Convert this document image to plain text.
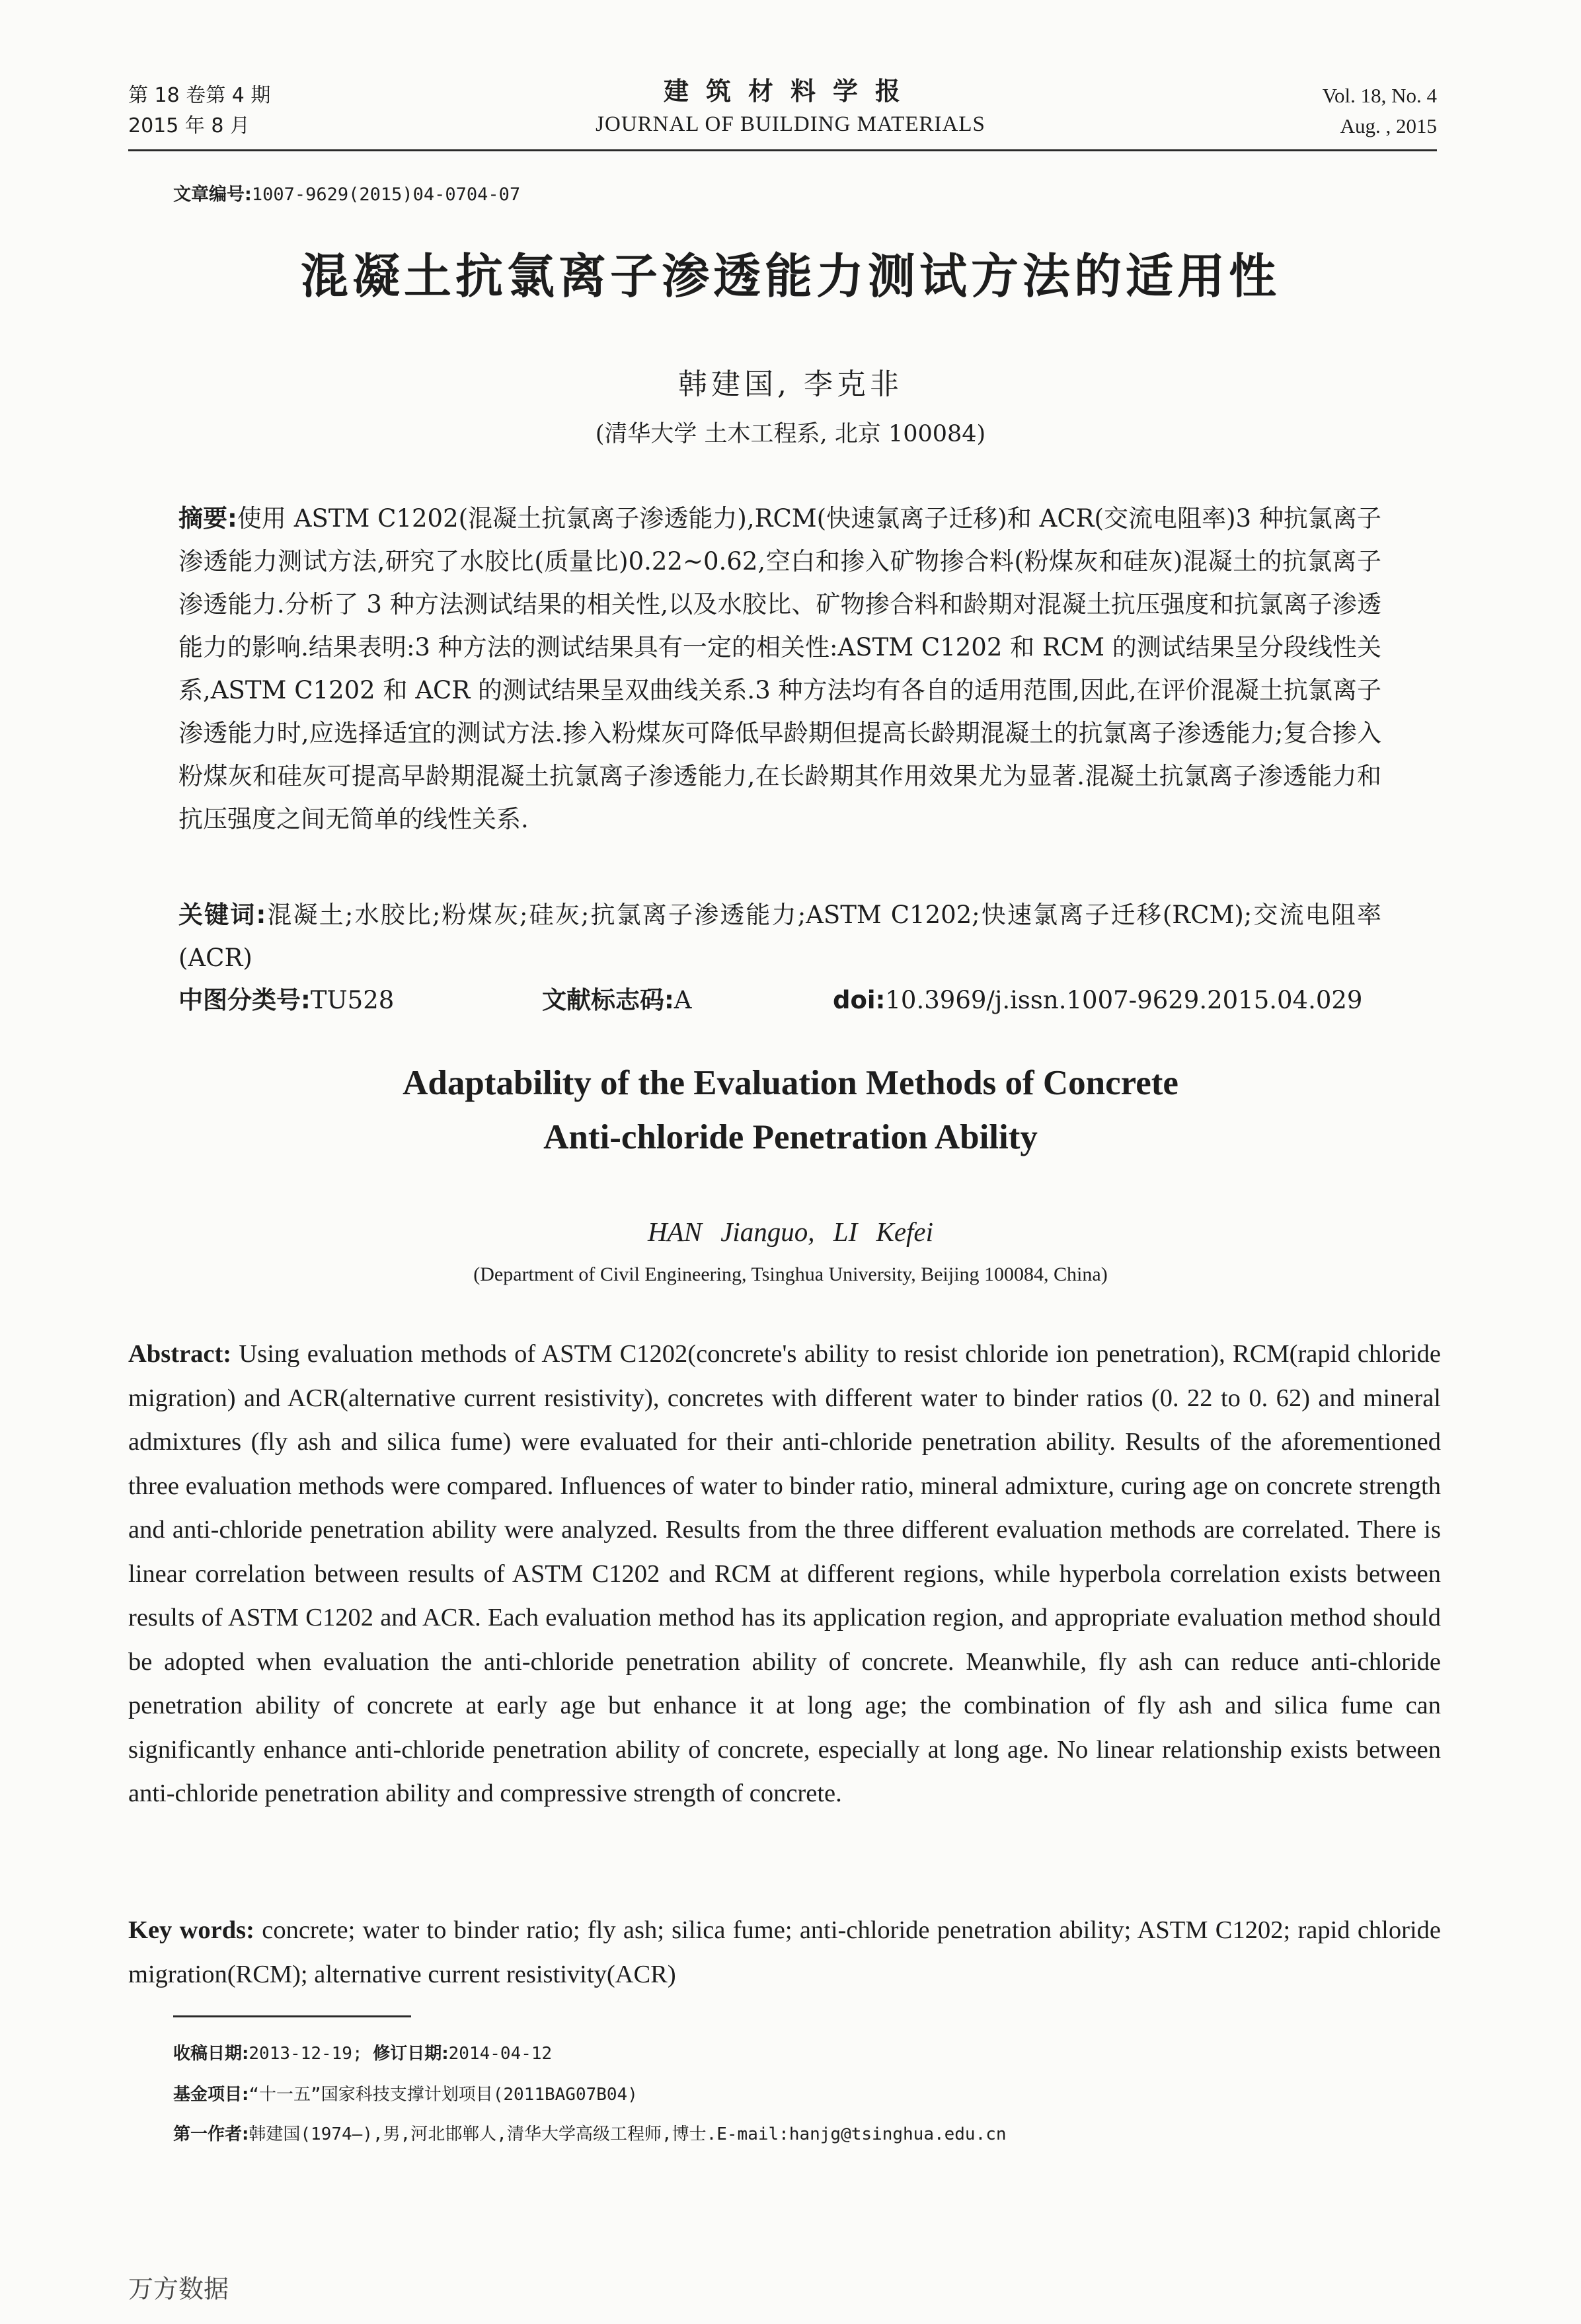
第 18 卷第 4 期
2015 年 8 月
建筑材料学报
JOURNAL OF BUILDING MATERIALS
Vol. 18, No. 4
Aug. , 2015
文章编号:1007-9629(2015)04-0704-07
混凝土抗氯离子渗透能力测试方法的适用性
韩建国, 李克非
(清华大学 土木工程系, 北京 100084)
摘要:使用 ASTM C1202(混凝土抗氯离子渗透能力),RCM(快速氯离子迁移)和 ACR(交流电阻率)3 种抗氯离子渗透能力测试方法,研究了水胶比(质量比)0.22~0.62,空白和掺入矿物掺合料(粉煤灰和硅灰)混凝土的抗氯离子渗透能力.分析了 3 种方法测试结果的相关性,以及水胶比、矿物掺合料和龄期对混凝土抗压强度和抗氯离子渗透能力的影响.结果表明:3 种方法的测试结果具有一定的相关性:ASTM C1202 和 RCM 的测试结果呈分段线性关系,ASTM C1202 和 ACR 的测试结果呈双曲线关系.3 种方法均有各自的适用范围,因此,在评价混凝土抗氯离子渗透能力时,应选择适宜的测试方法.掺入粉煤灰可降低早龄期但提高长龄期混凝土的抗氯离子渗透能力;复合掺入粉煤灰和硅灰可提高早龄期混凝土抗氯离子渗透能力,在长龄期其作用效果尤为显著.混凝土抗氯离子渗透能力和抗压强度之间无简单的线性关系.
关键词:混凝土;水胶比;粉煤灰;硅灰;抗氯离子渗透能力;ASTM C1202;快速氯离子迁移(RCM);交流电阻率(ACR)
中图分类号:TU528	文献标志码:A	doi:10.3969/j.issn.1007-9629.2015.04.029
Adaptability of the Evaluation Methods of Concrete
Anti-chloride Penetration Ability
HAN Jianguo, LI Kefei
(Department of Civil Engineering, Tsinghua University, Beijing 100084, China)
Abstract: Using evaluation methods of ASTM C1202(concrete's ability to resist chloride ion penetration), RCM(rapid chloride migration) and ACR(alternative current resistivity), concretes with different water to binder ratios (0. 22 to 0. 62) and mineral admixtures (fly ash and silica fume) were evaluated for their anti-chloride penetration ability. Results of the aforementioned three evaluation methods were compared. Influences of water to binder ratio, mineral admixture, curing age on concrete strength and anti-chloride penetration ability were analyzed. Results from the three different evaluation methods are correlated. There is linear correlation between results of ASTM C1202 and RCM at different regions, while hyperbola correlation exists between results of ASTM C1202 and ACR. Each evaluation method has its application region, and appropriate evaluation method should be adopted when evaluation the anti-chloride penetration ability of concrete. Meanwhile, fly ash can reduce anti-chloride penetration ability of concrete at early age but enhance it at long age; the combination of fly ash and silica fume can significantly enhance anti-chloride penetration ability of concrete, especially at long age. No linear relationship exists between anti-chloride penetration ability and compressive strength of concrete.
Key words: concrete; water to binder ratio; fly ash; silica fume; anti-chloride penetration ability; ASTM C1202; rapid chloride migration(RCM); alternative current resistivity(ACR)
收稿日期:2013-12-19; 修订日期:2014-04-12
基金项目:“十一五”国家科技支撑计划项目(2011BAG07B04)
第一作者:韩建国(1974—),男,河北邯郸人,清华大学高级工程师,博士.E-mail:hanjg@tsinghua.edu.cn
万方数据
